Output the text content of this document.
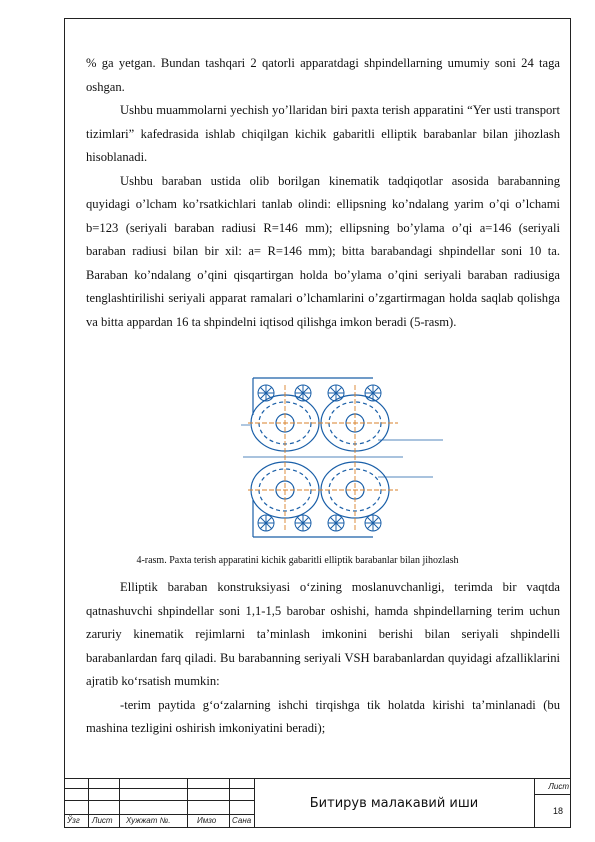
% ga yetgan. Bundan tashqari 2 qatorli apparatdagi shpindellarning umumiy soni 24 taga oshgan.

Ushbu muammolarni yechish yo’llaridan biri paxta terish apparatini “Yer usti transport tizimlari” kafedrasida ishlab chiqilgan kichik gabaritli elliptik barabanlar bilan jihozlash hisoblanadi.

Ushbu baraban ustida olib borilgan kinematik tadqiqotlar asosida barabanning quyidagi o’lcham ko’rsatkichlari tanlab olindi: ellipsning ko’ndalang yarim o’qi o’lchami b=123 (seriyali baraban radiusi R=146 mm); ellipsning bo’ylama o’qi a=146 (seriyali baraban radiusi bilan bir xil: a= R=146 mm); bitta barabandagi shpindellar soni 10 ta. Baraban ko’ndalang o’qini qisqartirgan holda bo’ylama o’qini seriyali baraban radiusiga tenglashtirilishi seriyali apparat ramalari o’lchamlarini o’zgartirmagan holda saqlab qolishga va bitta appardan 16 ta shpindelni iqtisod qilishga imkon beradi (5-rasm).

4-rasm. Paxta terish apparatini kichik gabaritli elliptik barabanlar bilan jihozlash

Elliptik baraban konstruksiyasi o‘zining moslanuvchanligi, terimda bir vaqtda qatnashuvchi shpindellar soni 1,1-1,5 barobar oshishi, hamda shpindellarning terim uchun zaruriy kinematik rejimlarni ta’minlash imkonini berishi bilan seriyali shpindelli barabanlardan farq qiladi. Bu barabanning seriyali VSH barabanlardan quyidagi afzalliklarini ajratib ko‘rsatish mumkin:

-terim paytida g‘o‘zalarning ishchi tirqishga tik holatda kirishi ta’minlanadi (bu mashina tezligini oshirish imkoniyatini beradi);

Ўзг Лист Хужжат №.	Имзо Сана
Битирув малакавий иши
Лист
18
